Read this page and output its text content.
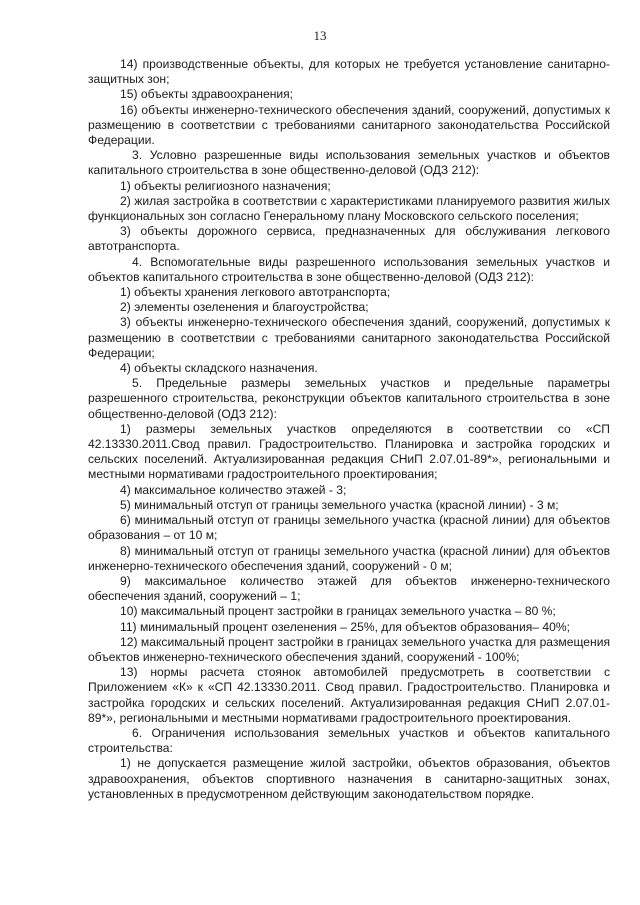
13

14) производственные объекты, для которых не требуется установление санитарно-защитных зон;

15) объекты здравоохранения;

16) объекты инженерно-технического обеспечения зданий, сооружений, допустимых к размещению в соответствии с требованиями санитарного законодательства Российской Федерации.

3. Условно разрешенные виды использования земельных участков и объектов капитального строительства в зоне общественно-деловой (ОДЗ 212):

1) объекты религиозного назначения;

2) жилая застройка в соответствии с характеристиками планируемого развития жилых функциональных зон согласно Генеральному плану Московского сельского поселения;

3) объекты дорожного сервиса, предназначенных для обслуживания легкового автотранспорта.

4. Вспомогательные виды разрешенного использования земельных участков и объектов капитального строительства в зоне общественно-деловой (ОДЗ 212):

1) объекты хранения легкового автотранспорта;

2) элементы озеленения и благоустройства;

3) объекты инженерно-технического обеспечения зданий, сооружений, допустимых к размещению в соответствии с требованиями санитарного законодательства Российской Федерации;

4) объекты складского назначения.

5. Предельные размеры земельных участков и предельные параметры разрешенного строительства, реконструкции объектов капитального строительства в зоне общественно-деловой (ОДЗ 212):

1) размеры земельных участков определяются в соответствии со «СП 42.13330.2011.Свод правил. Градостроительство. Планировка и застройка городских и сельских поселений. Актуализированная редакция СНиП 2.07.01-89*», региональными и местными нормативами градостроительного проектирования;

4) максимальное количество этажей - 3;

5) минимальный отступ от границы земельного участка (красной линии) - 3 м;

6) минимальный отступ от границы земельного участка (красной линии) для объектов образования – от 10 м;

8) минимальный отступ от границы земельного участка (красной линии) для объектов инженерно-технического обеспечения зданий, сооружений - 0 м;

9) максимальное количество этажей для объектов инженерно-технического обеспечения зданий, сооружений – 1;

10) максимальный процент застройки в границах земельного участка – 80 %;

11) минимальный процент озеленения – 25%, для объектов образования– 40%;

12) максимальный процент застройки в границах земельного участка для размещения объектов инженерно-технического обеспечения зданий, сооружений - 100%;

13) нормы расчета стоянок автомобилей предусмотреть в соответствии с Приложением «К» к «СП 42.13330.2011. Свод правил. Градостроительство. Планировка и застройка городских и сельских поселений. Актуализированная редакция СНиП 2.07.01-89*», региональными и местными нормативами градостроительного проектирования.

6. Ограничения использования земельных участков и объектов капитального строительства:

1) не допускается размещение жилой застройки, объектов образования, объектов здравоохранения, объектов спортивного назначения в санитарно-защитных зонах, установленных в предусмотренном действующим законодательством порядке.
